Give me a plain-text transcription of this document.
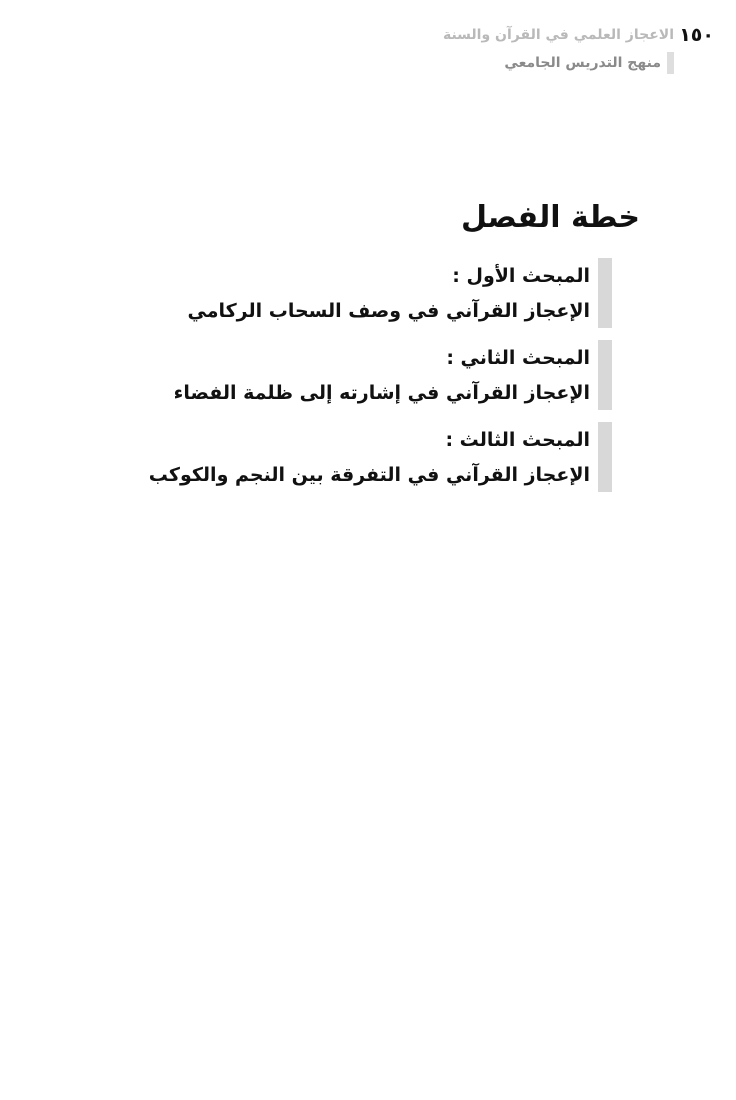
١٥٠
الاعجاز العلمي في القرآن والسنة
منهج التدريس الجامعي
خطة الفصل
المبحث الأول :
الإعجاز القرآني في وصف السحاب الركامي
المبحث الثاني :
الإعجاز القرآني في إشارته إلى ظلمة الفضاء
المبحث الثالث :
الإعجاز القرآني في التفرقة بين النجم والكوكب
